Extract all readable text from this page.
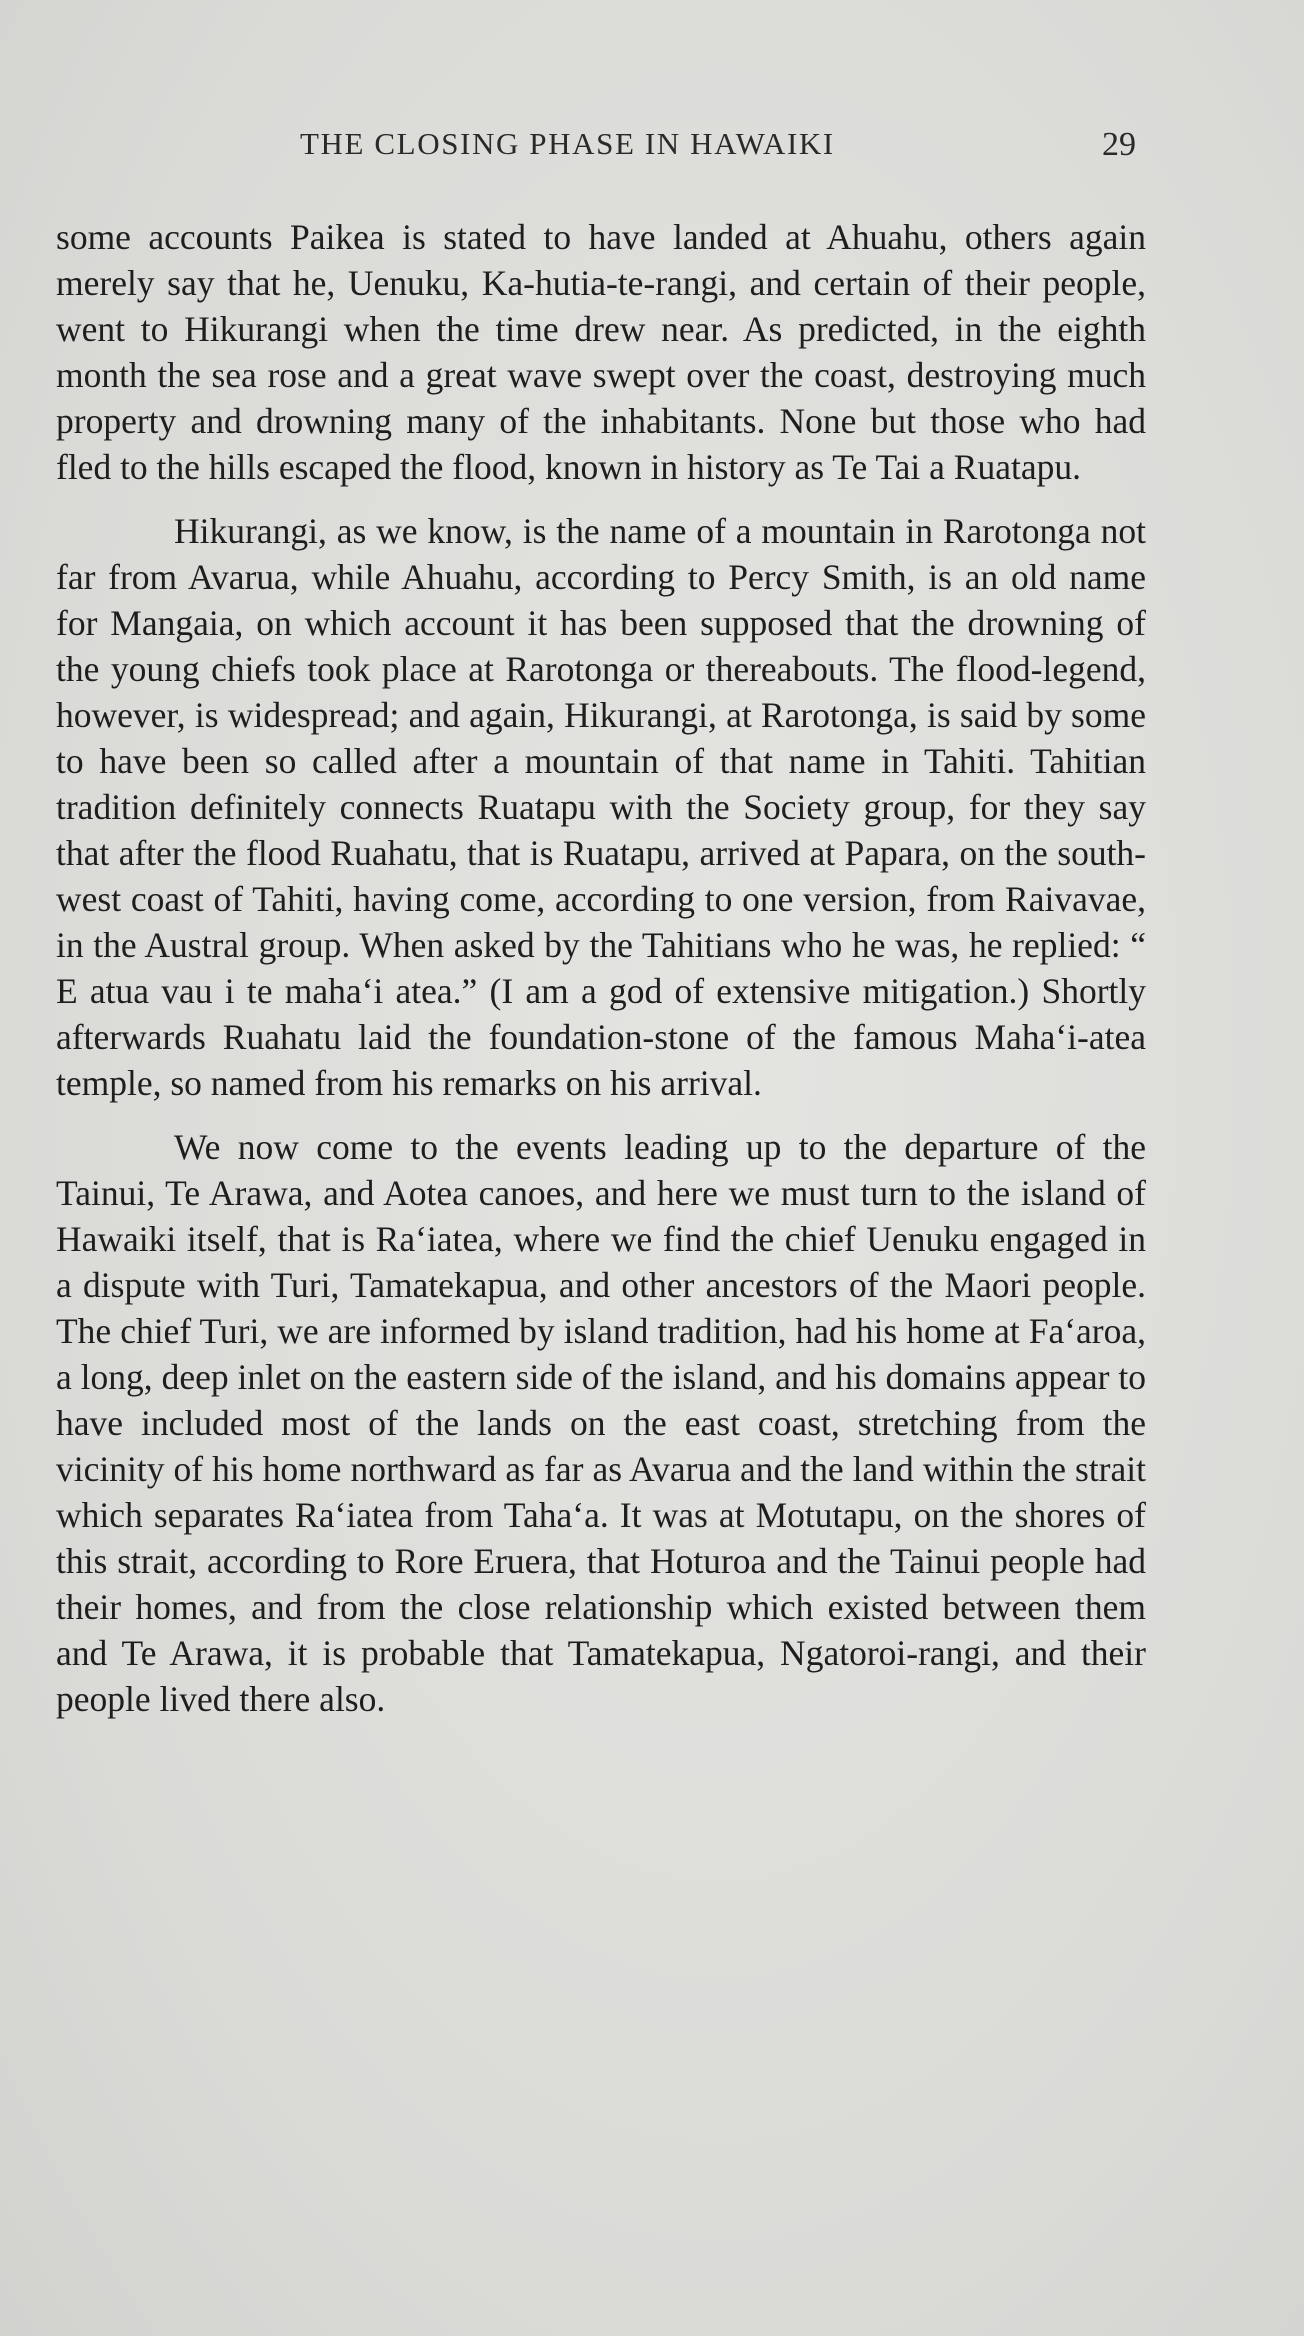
THE CLOSING PHASE IN HAWAIKI	29

some accounts Paikea is stated to have landed at Ahuahu, others again merely say that he, Uenuku, Ka-hutia-te-rangi, and certain of their people, went to Hikurangi when the time drew near. As predicted, in the eighth month the sea rose and a great wave swept over the coast, destroying much property and drowning many of the inhabitants. None but those who had fled to the hills escaped the flood, known in history as Te Tai a Ruatapu.

Hikurangi, as we know, is the name of a mountain in Rarotonga not far from Avarua, while Ahuahu, according to Percy Smith, is an old name for Mangaia, on which account it has been supposed that the drowning of the young chiefs took place at Rarotonga or thereabouts. The flood-legend, however, is widespread; and again, Hikurangi, at Rarotonga, is said by some to have been so called after a mountain of that name in Tahiti. Tahitian tradition definitely connects Ruatapu with the Society group, for they say that after the flood Ruahatu, that is Ruatapu, arrived at Papara, on the south-west coast of Tahiti, having come, according to one version, from Raivavae, in the Austral group. When asked by the Tahitians who he was, he replied: “ E atua vau i te maha‘i atea.” (I am a god of extensive mitigation.) Shortly afterwards Ruahatu laid the foundation-stone of the famous Maha‘i-atea temple, so named from his remarks on his arrival.

We now come to the events leading up to the departure of the Tainui, Te Arawa, and Aotea canoes, and here we must turn to the island of Hawaiki itself, that is Ra‘iatea, where we find the chief Uenuku engaged in a dispute with Turi, Tamatekapua, and other ancestors of the Maori people. The chief Turi, we are informed by island tradition, had his home at Fa‘aroa, a long, deep inlet on the eastern side of the island, and his domains appear to have included most of the lands on the east coast, stretching from the vicinity of his home northward as far as Avarua and the land within the strait which separates Ra‘iatea from Taha‘a. It was at Motutapu, on the shores of this strait, according to Rore Eruera, that Hoturoa and the Tainui people had their homes, and from the close relationship which existed between them and Te Arawa, it is probable that Tamatekapua, Ngatoroi-rangi, and their people lived there also.
